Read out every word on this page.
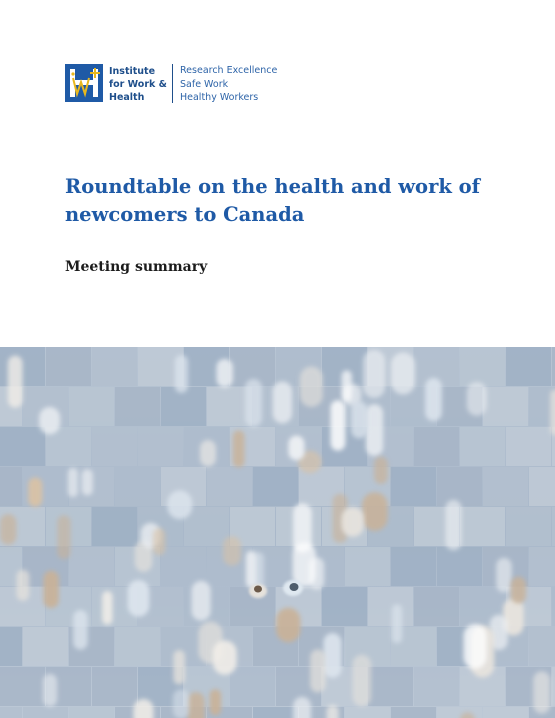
Institute
for Work &
Health
Research Excellence
Safe Work
Healthy Workers
Roundtable on the health and work of newcomers to Canada
Meeting summary
